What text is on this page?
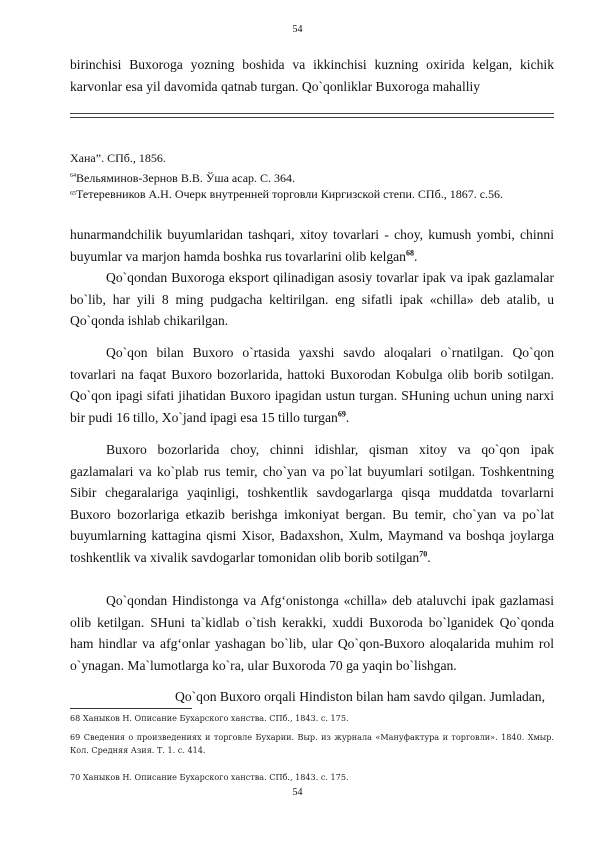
54
birinchisi Buxoroga yozning boshida va ikkinchisi kuzning oxirida kelgan, kichik karvonlar esa yil davomida qatnab turgan. Qo`qonliklar Buxoroga mahalliy
Хана”. СПб., 1856.
$^{64}$Вельяминов-Зернов В.В. Ўша асар. С. 364.
$^{65}$Тетеревников А.Н. Очерк внутренней торговли Киргизской степи. СПб., 1867. с.56.
hunarmandchilik buyumlaridan tashqari, xitoy tovarlari - choy, kumush yombi, chinni buyumlar va marjon hamda boshka rus tovarlarini olib kelgan$^{68}$.
Qo`qondan Buxoroga eksport qilinadigan asosiy tovarlar ipak va ipak gazlamalar bo`lib, har yili 8 ming pudgacha keltirilgan. eng sifatli ipak «chilla» deb atalib, u Qo`qonda ishlab chikarilgan.
Qo`qon bilan Buxoro o`rtasida yaxshi savdo aloqalari o`rnatilgan. Qo`qon tovarlari na faqat Buxoro bozorlarida, hattoki Buxorodan Kobulga olib borib sotilgan. Qo`qon ipagi sifati jihatidan Buxoro ipagidan ustun turgan. SHuning uchun uning narxi bir pudi 16 tillo, Xo`jand ipagi esa 15 tillo turgan$^{69}$.
Buxoro bozorlarida choy, chinni idishlar, qisman xitoy va qo`qon ipak gazlamalari va ko`plab rus temir, cho`yan va po`lat buyumlari sotilgan. Toshkentning Sibir chegaralariga yaqinligi, toshkentlik savdogarlarga qisqa muddatda tovarlarni Buxoro bozorlariga etkazib berishga imkoniyat bergan. Bu temir, cho`yan va po`lat buyumlarning kattagina qismi Xisor, Badaxshon, Xulm, Maymand va boshqa joylarga toshkentlik va xivalik savdogarlar tomonidan olib borib sotilgan$^{70}$.
Qo`qondan Hindistonga va Afg‘onistonga «chilla» deb ataluvchi ipak gazlamasi olib ketilgan. SHuni ta`kidlab o`tish kerakki, xuddi Buxoroda bo`lganidek Qo`qonda ham hindlar va afg‘onlar yashagan bo`lib, ular Qo`qon-Buxoro aloqalarida muhim rol o`ynagan. Ma`lumotlarga ko`ra, ular Buxoroda 70 ga yaqin bo`lishgan.
Qo`qon Buxoro orqali Hindiston bilan ham savdo qilgan. Jumladan,
68 Ханыков Н. Описание Бухарского ханства. СПб., 1843. с. 175.
69 Сведения о произведениях и торговле Бухарии. Выр. из журнала «Мануфактура и торговли». 1840. Хмыр. Кол. Средняя Азия. Т. 1. с. 414.
70 Ханыков Н. Описание Бухарского ханства. СПб., 1843. с. 175.
54
